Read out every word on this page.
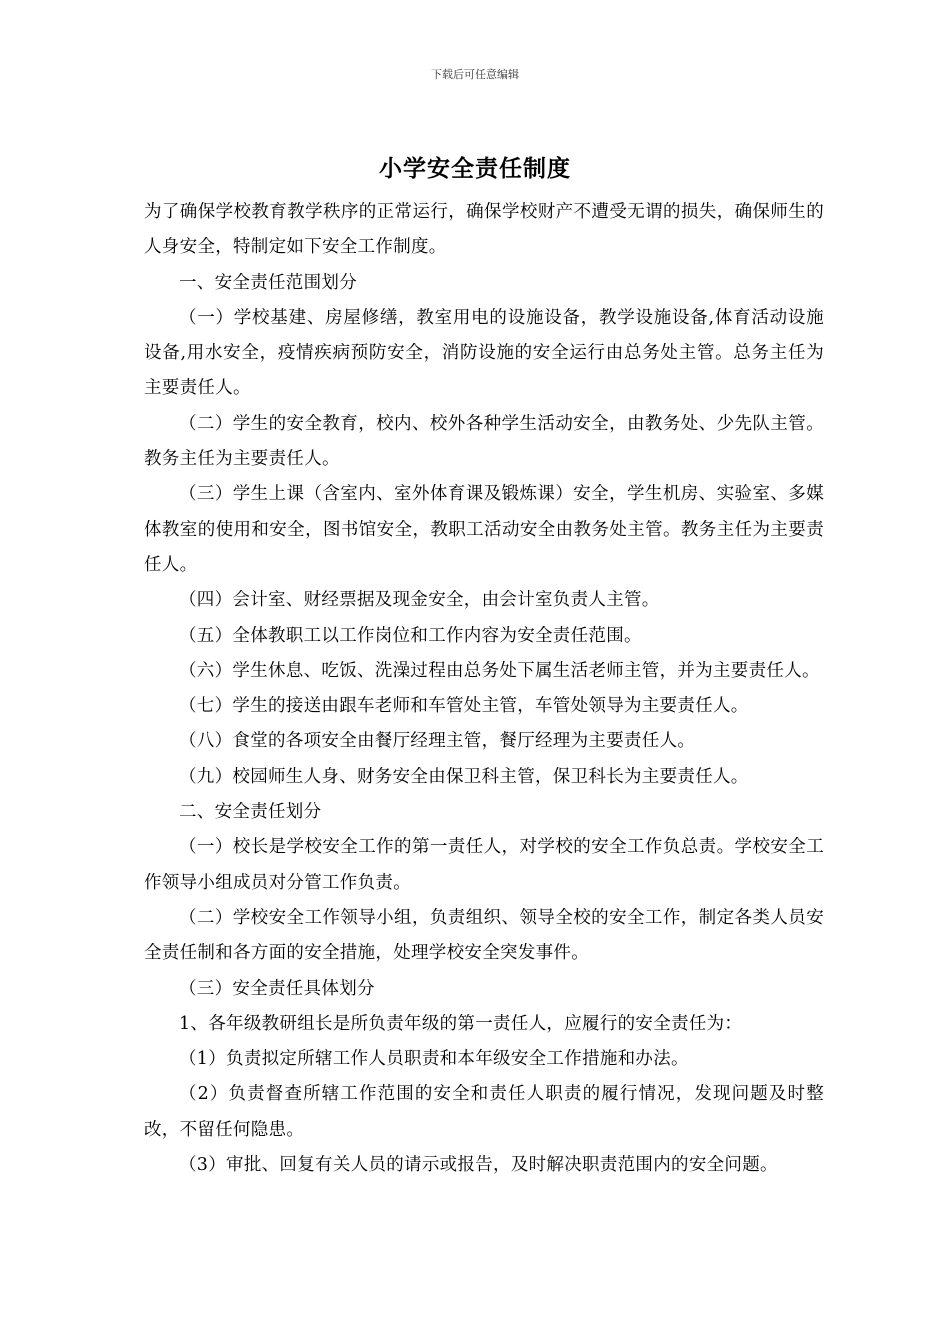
下载后可任意编辑
小学安全责任制度

为了确保学校教育教学秩序的正常运行，确保学校财产不遭受无谓的损失，确保师生的人身安全，特制定如下安全工作制度。

一、安全责任范围划分

（一）学校基建、房屋修缮，教室用电的设施设备，教学设施设备,体育活动设施设备,用水安全，疫情疾病预防安全，消防设施的安全运行由总务处主管。总务主任为主要责任人。

（二）学生的安全教育，校内、校外各种学生活动安全，由教务处、少先队主管。教务主任为主要责任人。

（三）学生上课（含室内、室外体育课及锻炼课）安全，学生机房、实验室、多媒体教室的使用和安全，图书馆安全，教职工活动安全由教务处主管。教务主任为主要责任人。

（四）会计室、财经票据及现金安全，由会计室负责人主管。

（五）全体教职工以工作岗位和工作内容为安全责任范围。

（六）学生休息、吃饭、洗澡过程由总务处下属生活老师主管，并为主要责任人。

（七）学生的接送由跟车老师和车管处主管，车管处领导为主要责任人。

（八）食堂的各项安全由餐厅经理主管，餐厅经理为主要责任人。

（九）校园师生人身、财务安全由保卫科主管，保卫科长为主要责任人。

二、安全责任划分

（一）校长是学校安全工作的第一责任人，对学校的安全工作负总责。学校安全工作领导小组成员对分管工作负责。

（二）学校安全工作领导小组，负责组织、领导全校的安全工作，制定各类人员安全责任制和各方面的安全措施，处理学校安全突发事件。

（三）安全责任具体划分

1、各年级教研组长是所负责年级的第一责任人，应履行的安全责任为：

（1）负责拟定所辖工作人员职责和本年级安全工作措施和办法。

（2）负责督查所辖工作范围的安全和责任人职责的履行情况，发现问题及时整改，不留任何隐患。

（3）审批、回复有关人员的请示或报告，及时解决职责范围内的安全问题。
